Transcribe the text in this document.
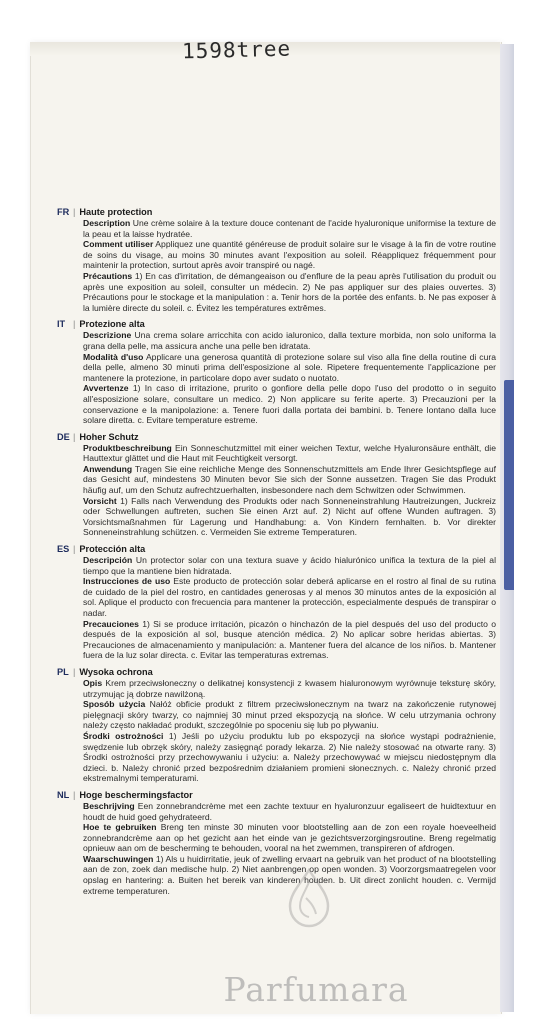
1598tree
FR | Haute protection
Description Une crème solaire à la texture douce contenant de l'acide hyaluronique uniformise la texture de la peau et la laisse hydratée.
Comment utiliser Appliquez une quantité généreuse de produit solaire sur le visage à la fin de votre routine de soins du visage, au moins 30 minutes avant l'exposition au soleil. Réappliquez fréquemment pour maintenir la protection, surtout après avoir transpiré ou nagé.
Précautions 1) En cas d'irritation, de démangeaison ou d'enflure de la peau après l'utilisation du produit ou après une exposition au soleil, consulter un médecin. 2) Ne pas appliquer sur des plaies ouvertes. 3) Précautions pour le stockage et la manipulation : a. Tenir hors de la portée des enfants. b. Ne pas exposer à la lumière directe du soleil. c. Évitez les températures extrêmes.
IT | Protezione alta
Descrizione Una crema solare arricchita con acido ialuronico, dalla texture morbida, non solo uniforma la grana della pelle, ma assicura anche una pelle ben idratata.
Modalità d'uso Applicare una generosa quantità di protezione solare sul viso alla fine della routine di cura della pelle, almeno 30 minuti prima dell'esposizione al sole. Ripetere frequentemente l'applicazione per mantenere la protezione, in particolare dopo aver sudato o nuotato.
Avvertenze 1) In caso di irritazione, prurito o gonfiore della pelle dopo l'uso del prodotto o in seguito all'esposizione solare, consultare un medico. 2) Non applicare su ferite aperte. 3) Precauzioni per la conservazione e la manipolazione: a. Tenere fuori dalla portata dei bambini. b. Tenere lontano dalla luce solare diretta. c. Evitare temperature estreme.
DE | Hoher Schutz
Produktbeschreibung Ein Sonneschutzmittel mit einer weichen Textur, welche Hyaluronsäure enthält, die Hauttextur glättet und die Haut mit Feuchtigkeit versorgt.
Anwendung Tragen Sie eine reichliche Menge des Sonnenschutzmittels am Ende Ihrer Gesichtspflege auf das Gesicht auf, mindestens 30 Minuten bevor Sie sich der Sonne aussetzen. Tragen Sie das Produkt häufig auf, um den Schutz aufrechtzuerhalten, insbesondere nach dem Schwitzen oder Schwimmen.
Vorsicht 1) Falls nach Verwendung des Produkts oder nach Sonneneinstrahlung Hautreizungen, Juckreiz oder Schwellungen auftreten, suchen Sie einen Arzt auf. 2) Nicht auf offene Wunden auftragen. 3) Vorsichtsmaßnahmen für Lagerung und Handhabung: a. Von Kindern fernhalten. b. Vor direkter Sonneneinstrahlung schützen. c. Vermeiden Sie extreme Temperaturen.
ES | Protección alta
Descripción Un protector solar con una textura suave y ácido hialurónico unifica la textura de la piel al tiempo que la mantiene bien hidratada.
Instrucciones de uso Este producto de protección solar deberá aplicarse en el rostro al final de su rutina de cuidado de la piel del rostro, en cantidades generosas y al menos 30 minutos antes de la exposición al sol. Aplique el producto con frecuencia para mantener la protección, especialmente después de transpirar o nadar.
Precauciones 1) Si se produce irritación, picazón o hinchazón de la piel después del uso del producto o después de la exposición al sol, busque atención médica. 2) No aplicar sobre heridas abiertas. 3) Precauciones de almacenamiento y manipulación: a. Mantener fuera del alcance de los niños. b. Mantener fuera de la luz solar directa. c. Evitar las temperaturas extremas.
PL | Wysoka ochrona
Opis Krem przeciwsłoneczny o delikatnej konsystencji z kwasem hialuronowym wyrównuje teksturę skóry, utrzymując ją dobrze nawilżoną.
Sposób użycia Nałóż obficie produkt z filtrem przeciwsłonecznym na twarz na zakończenie rutynowej pielęgnacji skóry twarzy, co najmniej 30 minut przed ekspozycją na słońce. W celu utrzymania ochrony należy często nakładać produkt, szczególnie po spoceniu się lub po pływaniu.
Środki ostrożności 1) Jeśli po użyciu produktu lub po ekspozycji na słońce wystąpi podrażnienie, swędzenie lub obrzęk skóry, należy zasięgnąć porady lekarza. 2) Nie należy stosować na otwarte rany. 3) Środki ostrożności przy przechowywaniu i użyciu: a. Należy przechowywać w miejscu niedostępnym dla dzieci. b. Należy chronić przed bezpośrednim działaniem promieni słonecznych. c. Należy chronić przed ekstremalnymi temperaturami.
NL | Hoge beschermingsfactor
Beschrijving Een zonnebrandcrème met een zachte textuur en hyaluronzuur egaliseert de huidtextuur en houdt de huid goed gehydrateerd.
Hoe te gebruiken Breng ten minste 30 minuten voor blootstelling aan de zon een royale hoeveelheid zonnebrandcrème aan op het gezicht aan het einde van je gezichtsverzorgingsroutine. Breng regelmatig opnieuw aan om de bescherming te behouden, vooral na het zwemmen, transpireren of afdrogen.
Waarschuwingen 1) Als u huidirritatie, jeuk of zwelling ervaart na gebruik van het product of na blootstelling aan de zon, zoek dan medische hulp. 2) Niet aanbrengen op open wonden. 3) Voorzorgsmaatregelen voor opslag en hantering: a. Buiten het bereik van kinderen houden. b. Uit direct zonlicht houden. c. Vermijd extreme temperaturen.
Parfumara
